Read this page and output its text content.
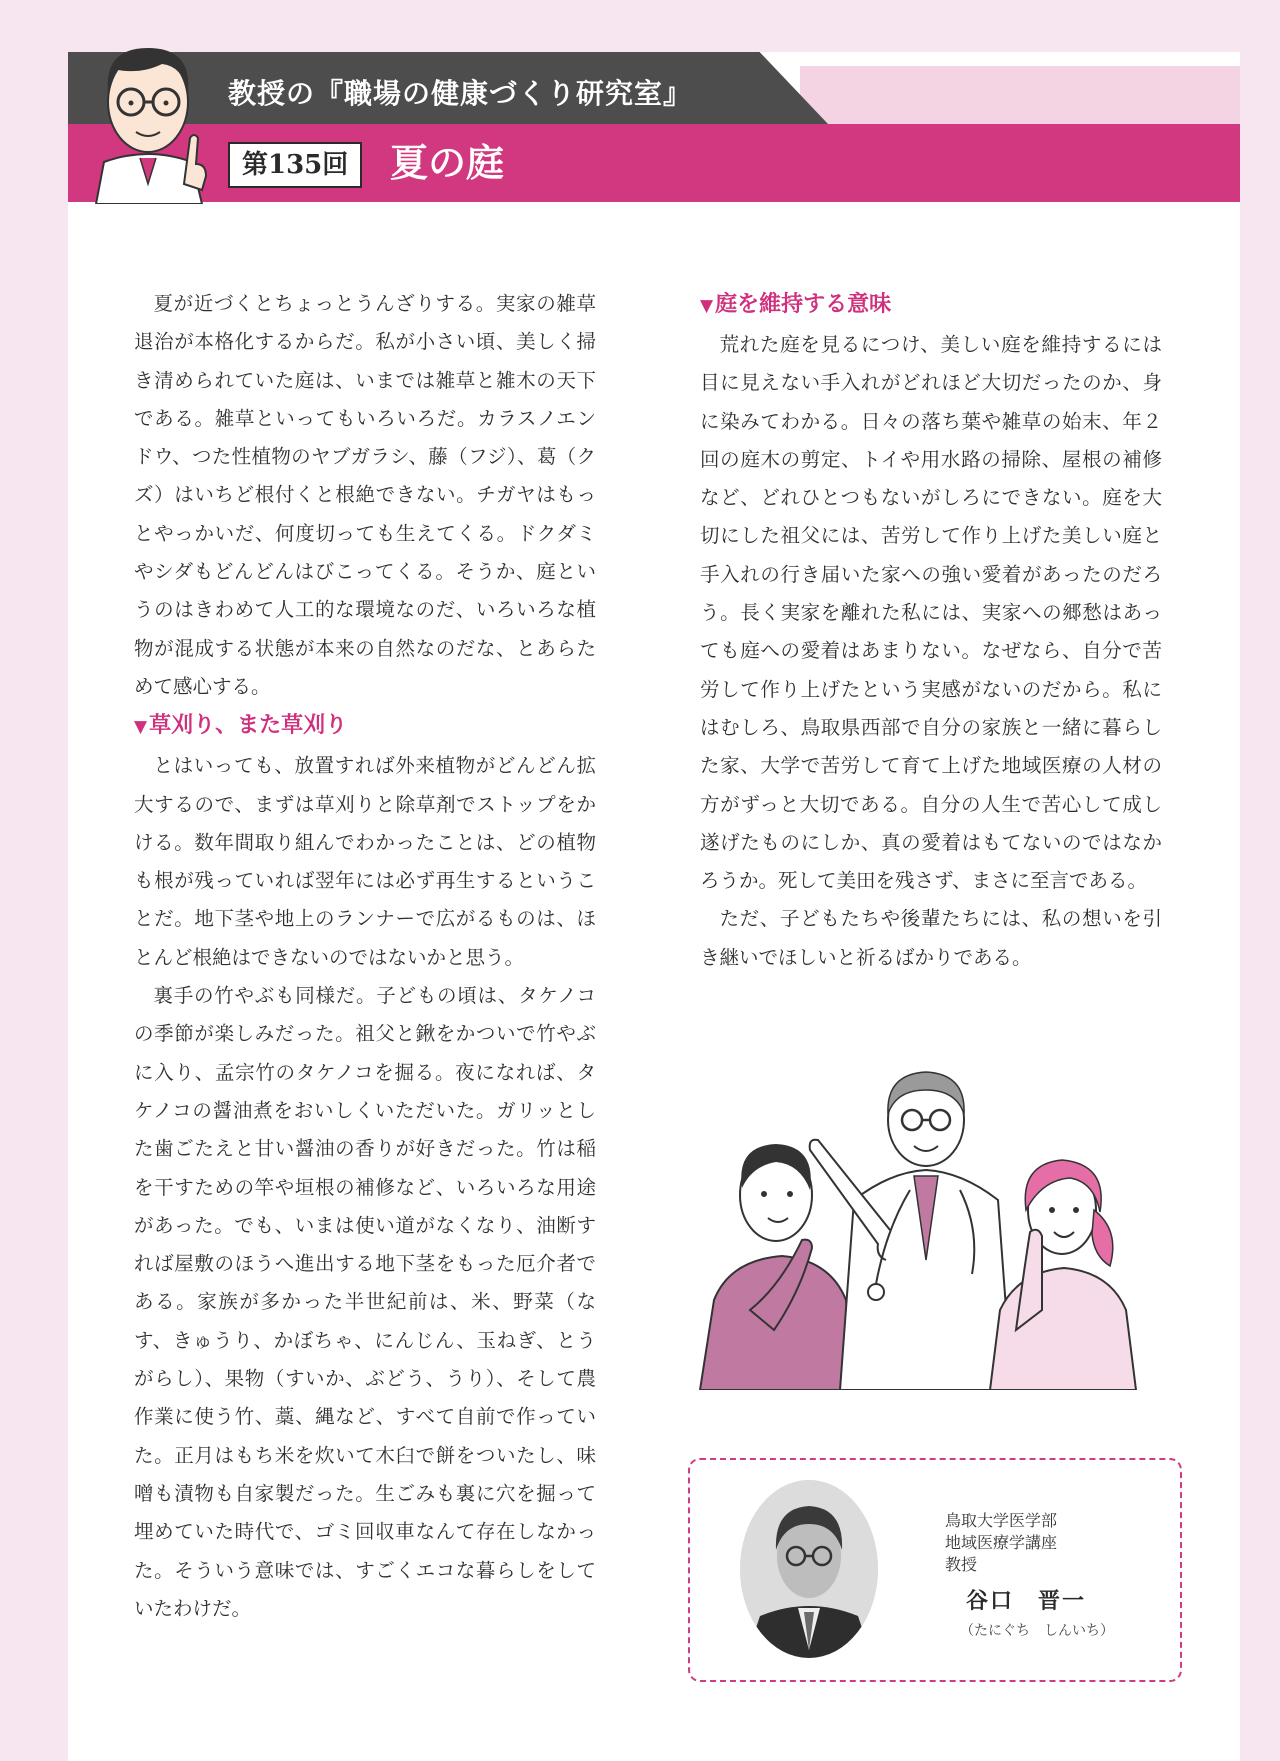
教授の『職場の健康づくり研究室』
第135回	夏の庭

夏が近づくとちょっとうんざりする。実家の雑草退治が本格化するからだ。私が小さい頃、美しく掃き清められていた庭は、いまでは雑草と雑木の天下である。雑草といってもいろいろだ。カラスノエンドウ、つた性植物のヤブガラシ、藤（フジ）、葛（クズ）はいちど根付くと根絶できない。チガヤはもっとやっかいだ、何度切っても生えてくる。ドクダミやシダもどんどんはびこってくる。そうか、庭というのはきわめて人工的な環境なのだ、いろいろな植物が混成する状態が本来の自然なのだな、とあらためて感心する。

▼草刈り、また草刈り

とはいっても、放置すれば外来植物がどんどん拡大するので、まずは草刈りと除草剤でストップをかける。数年間取り組んでわかったことは、どの植物も根が残っていれば翌年には必ず再生するということだ。地下茎や地上のランナーで広がるものは、ほとんど根絶はできないのではないかと思う。

裏手の竹やぶも同様だ。子どもの頃は、タケノコの季節が楽しみだった。祖父と鍬をかついで竹やぶに入り、孟宗竹のタケノコを掘る。夜になれば、タケノコの醤油煮をおいしくいただいた。ガリッとした歯ごたえと甘い醤油の香りが好きだった。竹は稲を干すための竿や垣根の補修など、いろいろな用途があった。でも、いまは使い道がなくなり、油断すれば屋敷のほうへ進出する地下茎をもった厄介者である。家族が多かった半世紀前は、米、野菜（なす、きゅうり、かぼちゃ、にんじん、玉ねぎ、とうがらし）、果物（すいか、ぶどう、うり）、そして農作業に使う竹、藁、縄など、すべて自前で作っていた。正月はもち米を炊いて木臼で餅をついたし、味噌も漬物も自家製だった。生ごみも裏に穴を掘って埋めていた時代で、ゴミ回収車なんて存在しなかった。そういう意味では、すごくエコな暮らしをしていたわけだ。

▼庭を維持する意味

荒れた庭を見るにつけ、美しい庭を維持するには目に見えない手入れがどれほど大切だったのか、身に染みてわかる。日々の落ち葉や雑草の始末、年２回の庭木の剪定、トイや用水路の掃除、屋根の補修など、どれひとつもないがしろにできない。庭を大切にした祖父には、苦労して作り上げた美しい庭と手入れの行き届いた家への強い愛着があったのだろう。長く実家を離れた私には、実家への郷愁はあっても庭への愛着はあまりない。なぜなら、自分で苦労して作り上げたという実感がないのだから。私にはむしろ、鳥取県西部で自分の家族と一緒に暮らした家、大学で苦労して育て上げた地域医療の人材の方がずっと大切である。自分の人生で苦心して成し遂げたものにしか、真の愛着はもてないのではなかろうか。死して美田を残さず、まさに至言である。

ただ、子どもたちや後輩たちには、私の想いを引き継いでほしいと祈るばかりである。

鳥取大学医学部
地域医療学講座
教授
谷口　晋一
（たにぐち　しんいち）
